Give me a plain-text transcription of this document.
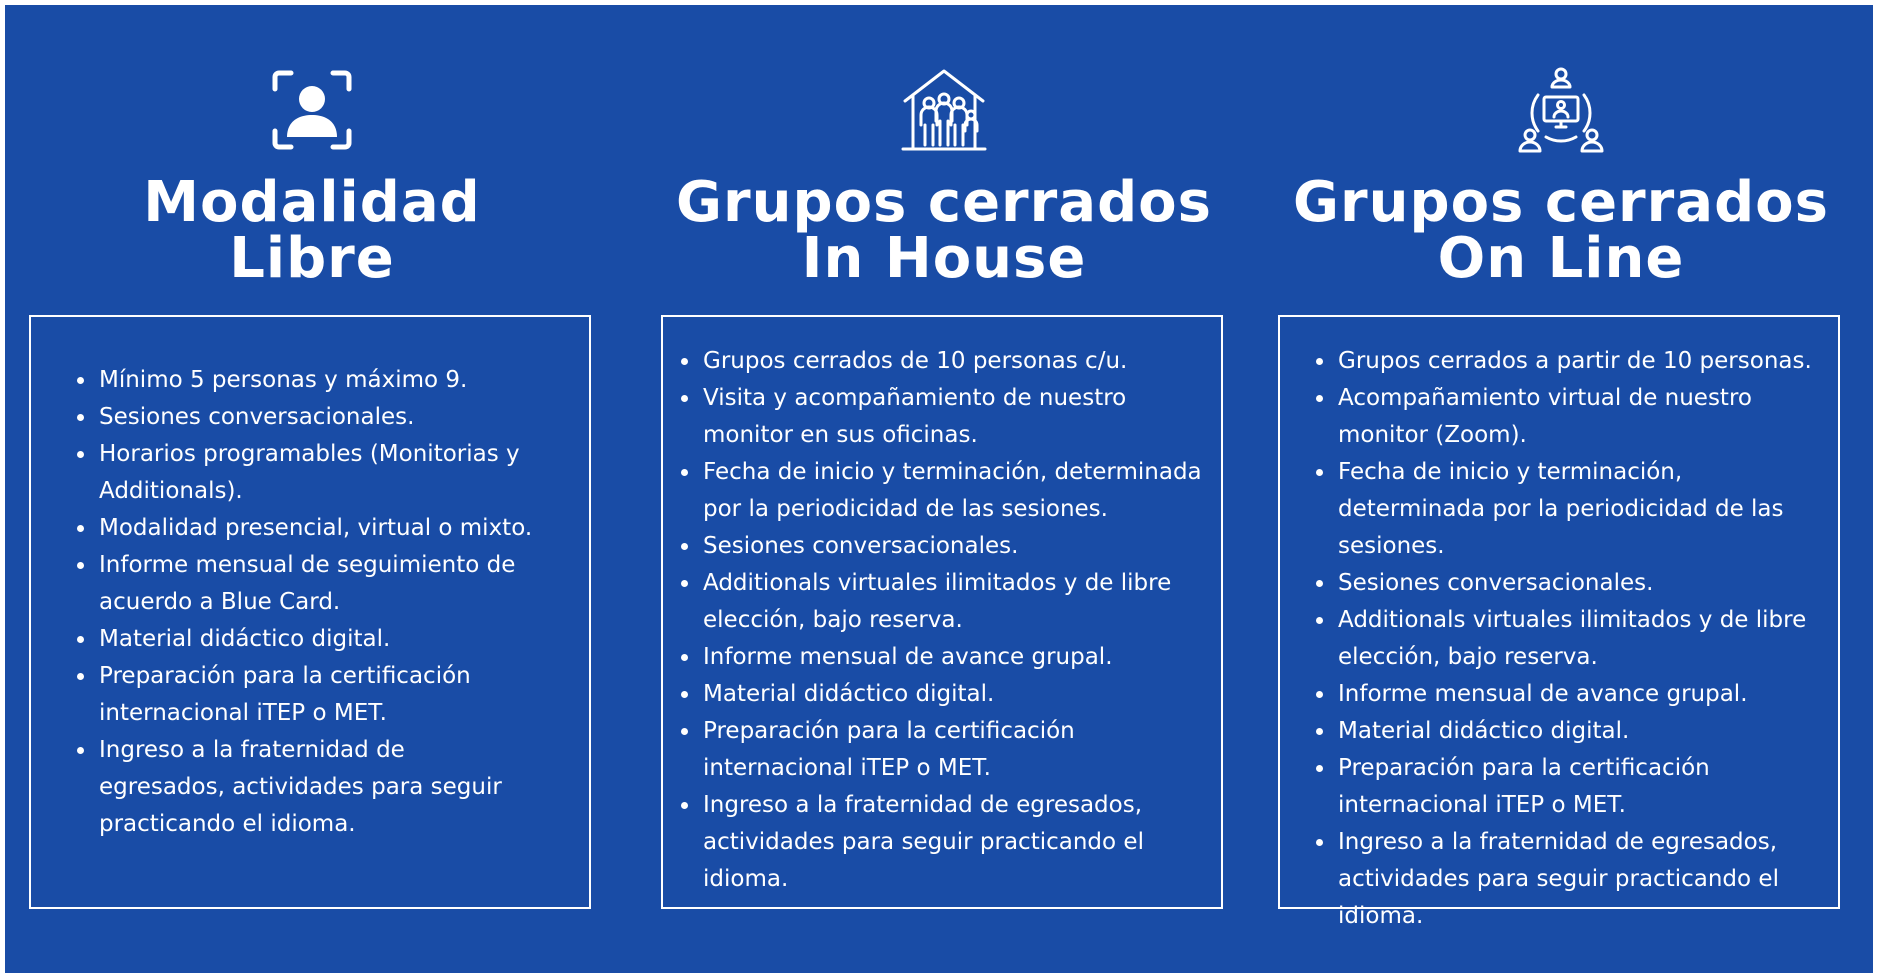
Modalidad
Libre
• Mínimo 5 personas y máximo 9.
• Sesiones conversacionales.
• Horarios programables (Monitorias y Additionals).
• Modalidad presencial, virtual o mixto.
• Informe mensual de seguimiento de acuerdo a Blue Card.
• Material didáctico digital.
• Preparación para la certificación internacional iTEP o MET.
• Ingreso a la fraternidad de egresados, actividades para seguir practicando el idioma.
Grupos cerrados
In House
• Grupos cerrados de 10 personas c/u.
• Visita y acompañamiento de nuestro monitor en sus oficinas.
• Fecha de inicio y terminación, determinada por la periodicidad de las sesiones.
• Sesiones conversacionales.
• Additionals virtuales ilimitados y de libre elección, bajo reserva.
• Informe mensual de avance grupal.
• Material didáctico digital.
• Preparación para la certificación internacional iTEP o MET.
• Ingreso a la fraternidad de egresados, actividades para seguir practicando el idioma.
Grupos cerrados
On Line
• Grupos cerrados a partir de 10 personas.
• Acompañamiento virtual de nuestro monitor (Zoom).
• Fecha de inicio y terminación, determinada por la periodicidad de las sesiones.
• Sesiones conversacionales.
• Additionals virtuales ilimitados y de libre elección, bajo reserva.
• Informe mensual de avance grupal.
• Material didáctico digital.
• Preparación para la certificación internacional iTEP o MET.
• Ingreso a la fraternidad de egresados, actividades para seguir practicando el idioma.
